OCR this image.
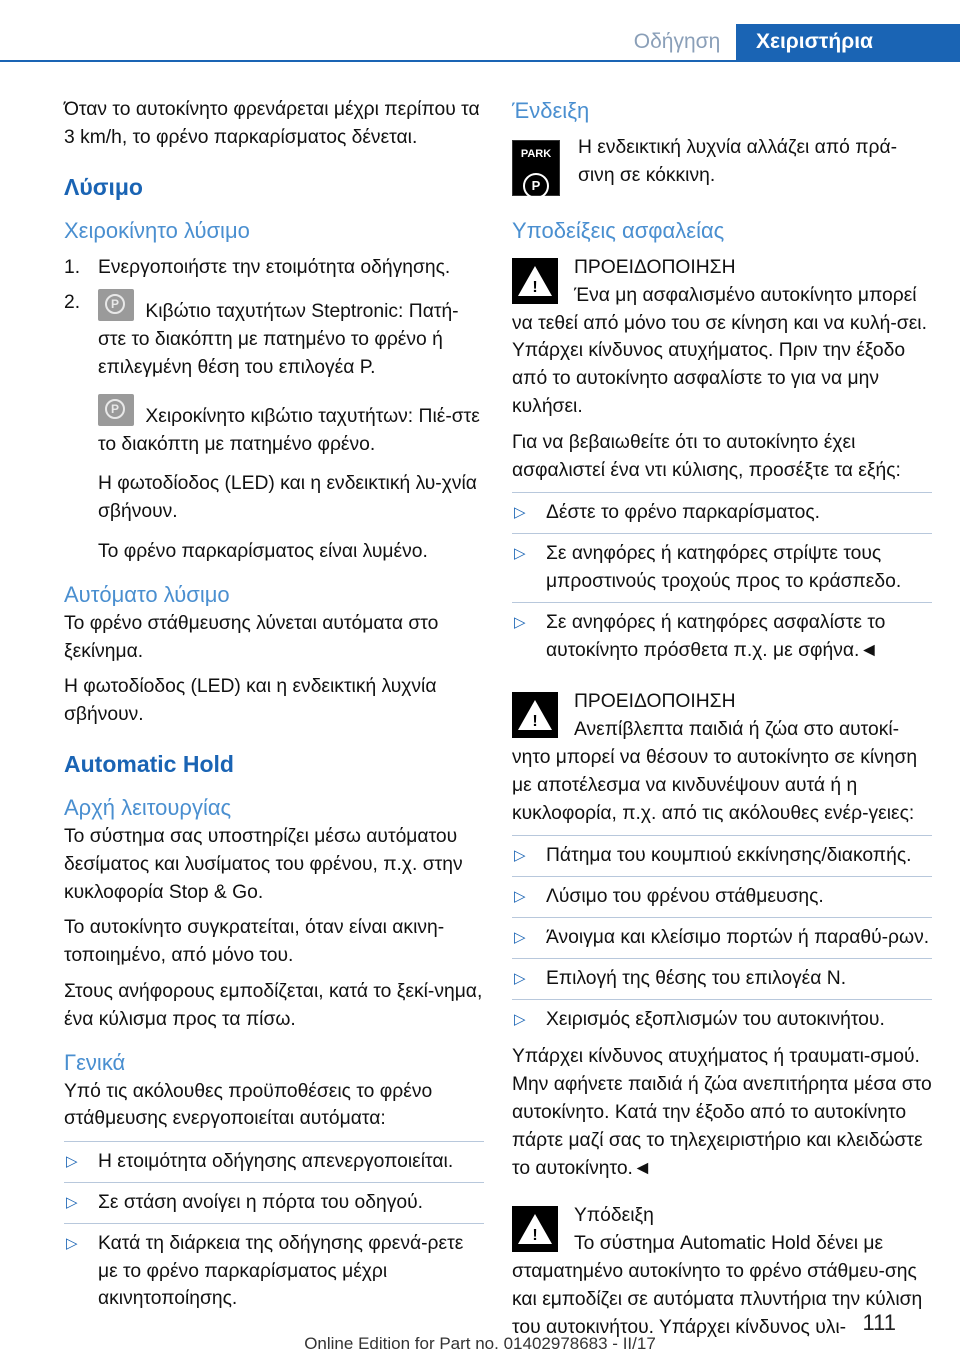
Οδήγηση	Χειριστήρια

Όταν το αυτοκίνητο φρενάρεται μέχρι περίπου τα 3 km/h, το φρένο παρκαρίσματος δένεται.

Λύσιμο
Χειροκίνητο λύσιμο
1. Ενεργοποιήστε την ετοιμότητα οδήγησης.
2.	P	Κιβώτιο ταχυτήτων Steptronic: Πατή-στε το διακόπτη με πατημένο το φρένο ή επιλεγμένη θέση του επιλογέα P.
P	Χειροκίνητο κιβώτιο ταχυτήτων: Πιέ-στε το διακόπτη με πατημένο φρένο.
Η φωτοδίοδος (LED) και η ενδεικτική λυ-χνία σβήνουν.
Το φρένο παρκαρίσματος είναι λυμένο.
Αυτόματο λύσιμο

Το φρένο στάθμευσης λύνεται αυτόματα στο ξεκίνημα.

Η φωτοδίοδος (LED) και η ενδεικτική λυχνία σβήνουν.

Automatic Hold
Αρχή λειτουργίας

Το σύστημα σας υποστηρίζει μέσω αυτόματου δεσίματος και λυσίματος του φρένου, π.χ. στην κυκλοφορία Stop & Go.

Το αυτοκίνητο συγκρατείται, όταν είναι ακινη-τοποιημένο, από μόνο του.

Στους ανήφορους εμποδίζεται, κατά το ξεκί-νημα, ένα κύλισμα προς τα πίσω.

Γενικά

Υπό τις ακόλουθες προϋποθέσεις το φρένο στάθμευσης ενεργοποιείται αυτόματα:

▷ Η ετοιμότητα οδήγησης απενεργοποιείται.
▷ Σε στάση ανοίγει η πόρτα του οδηγού.
▷ Κατά τη διάρκεια της οδήγησης φρενά-ρετε με το φρένο παρκαρίσματος μέχρι ακινητοποίησης.
Ένδειξη
PARK
P

Η ενδεικτική λυχνία αλλάζει από πρά-σινη σε κόκκινη.

Υποδείξεις ασφαλείας
!

ΠΡΟΕΙΔΟΠΟΙΗΣΗ

Ένα μη ασφαλισμένο αυτοκίνητο μπορεί να τεθεί από μόνο του σε κίνηση και να κυλή-σει. Υπάρχει κίνδυνος ατυχήματος. Πριν την έξοδο από το αυτοκίνητο ασφαλίστε το για να μην κυλήσει.

Για να βεβαιωθείτε ότι το αυτοκίνητο έχει ασφαλιστεί ένα ντι κύλισης, προσέξτε τα εξής:

▷ Δέστε το φρένο παρκαρίσματος.
▷ Σε ανηφόρες ή κατηφόρες στρίψτε τους μπροστινούς τροχούς προς το κράσπεδο.
▷ Σε ανηφόρες ή κατηφόρες ασφαλίστε το αυτοκίνητο πρόσθετα π.χ. με σφήνα.◄
!

ΠΡΟΕΙΔΟΠΟΙΗΣΗ

Ανεπίβλεπτα παιδιά ή ζώα στο αυτοκί-νητο μπορεί να θέσουν το αυτοκίνητο σε κίνηση με αποτέλεσμα να κινδυνέψουν αυτά ή η κυκλοφορία, π.χ. από τις ακόλουθες ενέρ-γειες:

▷ Πάτημα του κουμπιού εκκίνησης/διακοπής.
▷ Λύσιμο του φρένου στάθμευσης.
▷ Άνοιγμα και κλείσιμο πορτών ή παραθύ-ρων.
▷ Επιλογή της θέσης του επιλογέα N.
▷ Χειρισμός εξοπλισμών του αυτοκινήτου.

Υπάρχει κίνδυνος ατυχήματος ή τραυματι-σμού. Μην αφήνετε παιδιά ή ζώα ανεπιτήρητα μέσα στο αυτοκίνητο. Κατά την έξοδο από το αυτοκίνητο πάρτε μαζί σας το τηλεχειριστήριο και κλειδώστε το αυτοκίνητο.◄

!

Υπόδειξη

Το σύστημα Automatic Hold δένει με σταματημένο αυτοκίνητο το φρένο στάθμευ-σης και εμποδίζει σε αυτόματα πλυντήρια την κύλιση του αυτοκινήτου. Υπάρχει κίνδυνος υλι- 111
Online Edition for Part no. 01402978683 - II/17
